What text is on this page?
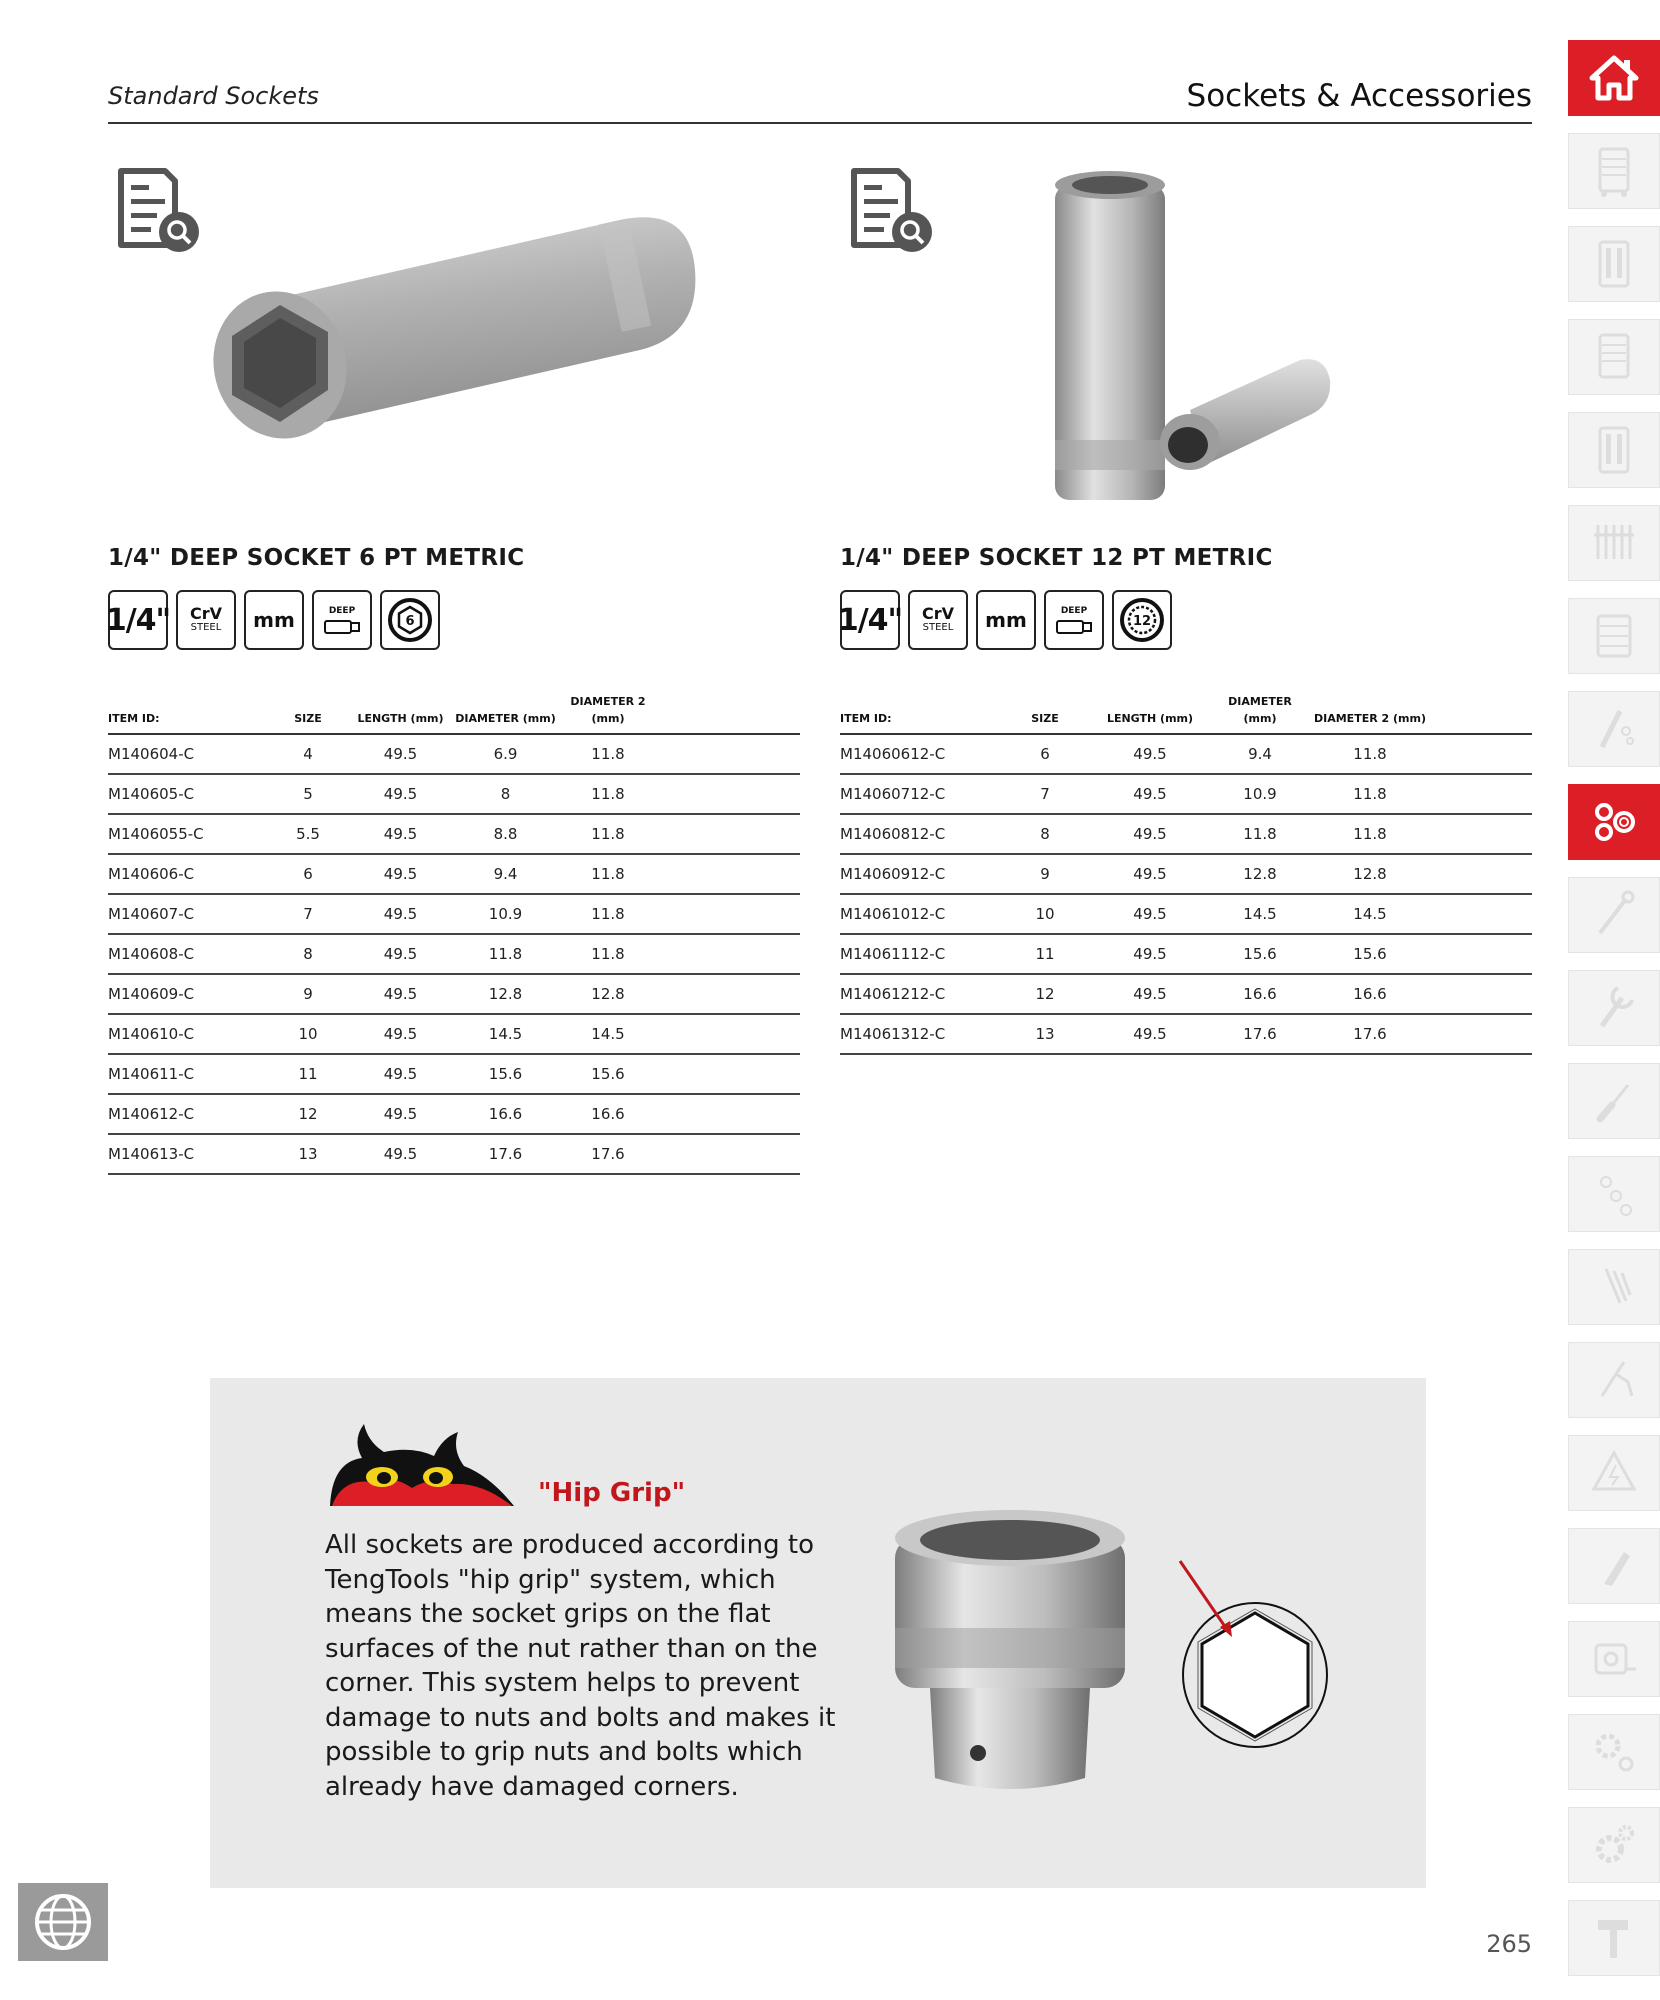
Standard Sockets	Sockets & Accessories
1/4" DEEP SOCKET 6 PT METRIC
1/4" CrV
STEEL mm	DEEP
6
ITEM ID:	SIZE	LENGTH (mm)	DIAMETER (mm)	DIAMETER 2 (mm)	
M140604-C	4	49.5	6.9	11.8	
M140605-C	5	49.5	8	11.8	
M1406055-C	5.5	49.5	8.8	11.8	
M140606-C	6	49.5	9.4	11.8	
M140607-C	7	49.5	10.9	11.8	
M140608-C	8	49.5	11.8	11.8	
M140609-C	9	49.5	12.8	12.8	
M140610-C	10	49.5	14.5	14.5	
M140611-C	11	49.5	15.6	15.6	
M140612-C	12	49.5	16.6	16.6	
M140613-C	13	49.5	17.6	17.6	
1/4" DEEP SOCKET 12 PT METRIC
1/4" CrV
STEEL mm	DEEP
12
ITEM ID:	SIZE	LENGTH (mm)	DIAMETER (mm)	DIAMETER 2 (mm)	
M14060612-C	6	49.5	9.4	11.8	
M14060712-C	7	49.5	10.9	11.8	
M14060812-C	8	49.5	11.8	11.8	
M14060912-C	9	49.5	12.8	12.8	
M14061012-C	10	49.5	14.5	14.5	
M14061112-C	11	49.5	15.6	15.6	
M14061212-C	12	49.5	16.6	16.6	
M14061312-C	13	49.5	17.6	17.6	
"Hip Grip"
All sockets are produced according to TengTools "hip grip" system, which means the socket grips on the flat surfaces of the nut rather than on the corner. This system helps to prevent damage to nuts and bolts and makes it possible to grip nuts and bolts which already have damaged corners.
265
